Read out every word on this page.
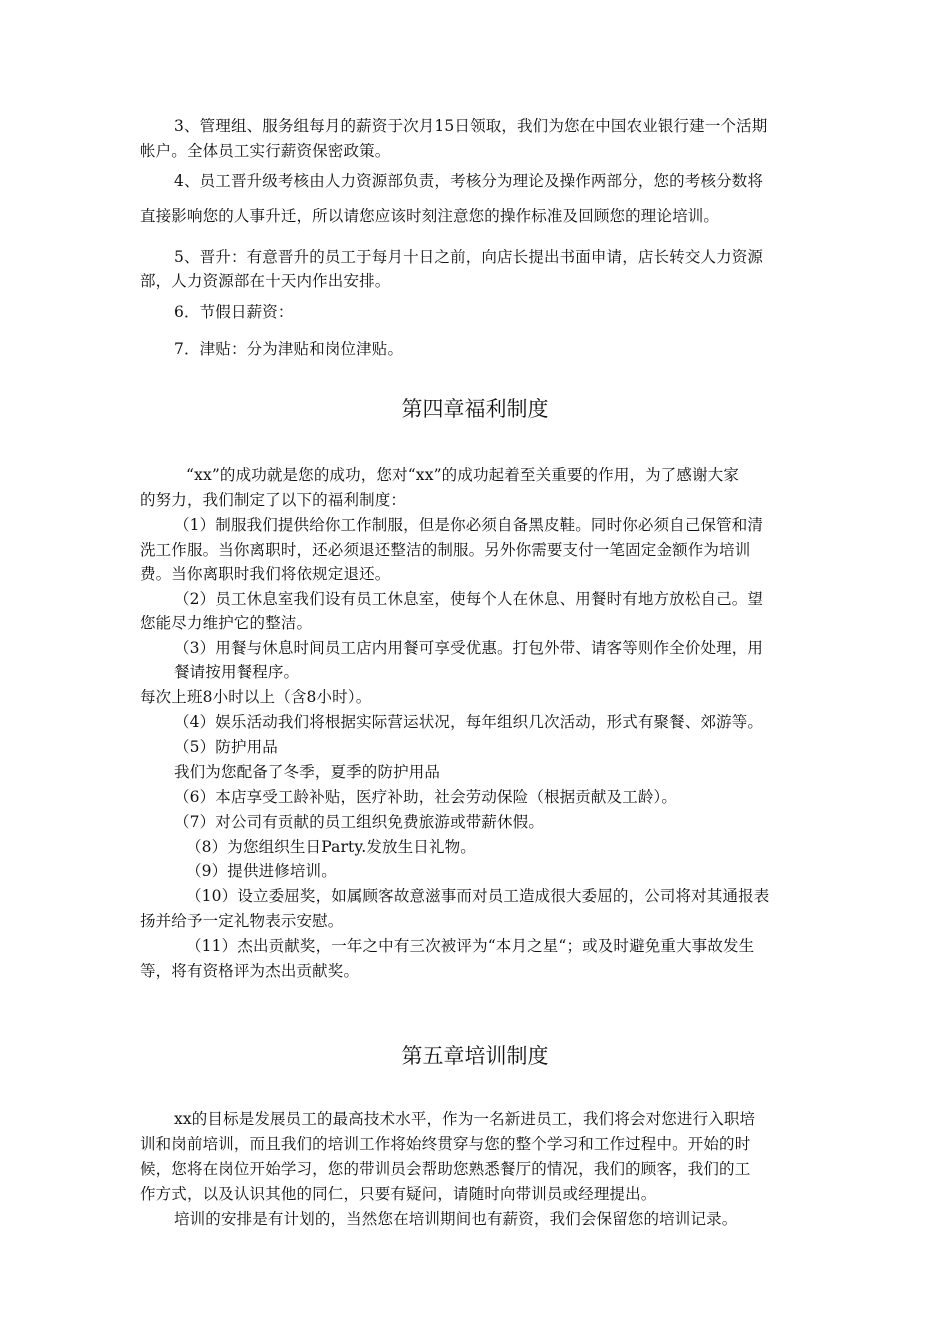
3、管理组、服务组每月的薪资于次月15日领取，我们为您在中国农业银行建一个活期
帐户。全体员工实行薪资保密政策。
4、员工晋升级考核由人力资源部负责，考核分为理论及操作两部分，您的考核分数将
直接影响您的人事升迁，所以请您应该时刻注意您的操作标准及回顾您的理论培训。
5、晋升：有意晋升的员工于每月十日之前，向店长提出书面申请，店长转交人力资源
部，人力资源部在十天内作出安排。
6．节假日薪资：
7．津贴：分为津贴和岗位津贴。
第四章福利制度
“xx”的成功就是您的成功，您对“xx”的成功起着至关重要的作用，为了感谢大家
的努力，我们制定了以下的福利制度：
（1）制服我们提供给你工作制服，但是你必须自备黑皮鞋。同时你必须自己保管和清
洗工作服。当你离职时，还必须退还整洁的制服。另外你需要支付一笔固定金额作为培训
费。当你离职时我们将依规定退还。
（2）员工休息室我们设有员工休息室，使每个人在休息、用餐时有地方放松自己。望
您能尽力维护它的整洁。
（3）用餐与休息时间员工店内用餐可享受优惠。打包外带、请客等则作全价处理，用
餐请按用餐程序。
每次上班8小时以上（含8小时）。
（4）娱乐活动我们将根据实际营运状况，每年组织几次活动，形式有聚餐、郊游等。
（5）防护用品
我们为您配备了冬季，夏季的防护用品
（6）本店享受工龄补贴，医疗补助，社会劳动保险（根据贡献及工龄）。
（7）对公司有贡献的员工组织免费旅游或带薪休假。
（8）为您组织生日Party.发放生日礼物。
（9）提供进修培训。
（10）设立委屈奖，如属顾客故意滋事而对员工造成很大委屈的，公司将对其通报表
扬并给予一定礼物表示安慰。
（11）杰出贡献奖，一年之中有三次被评为“本月之星“；或及时避免重大事故发生
等，将有资格评为杰出贡献奖。
第五章培训制度
xx的目标是发展员工的最高技术水平，作为一名新进员工，我们将会对您进行入职培
训和岗前培训，而且我们的培训工作将始终贯穿与您的整个学习和工作过程中。开始的时
候，您将在岗位开始学习，您的带训员会帮助您熟悉餐厅的情况，我们的顾客，我们的工
作方式，以及认识其他的同仁，只要有疑问，请随时向带训员或经理提出。
培训的安排是有计划的，当然您在培训期间也有薪资，我们会保留您的培训记录。
